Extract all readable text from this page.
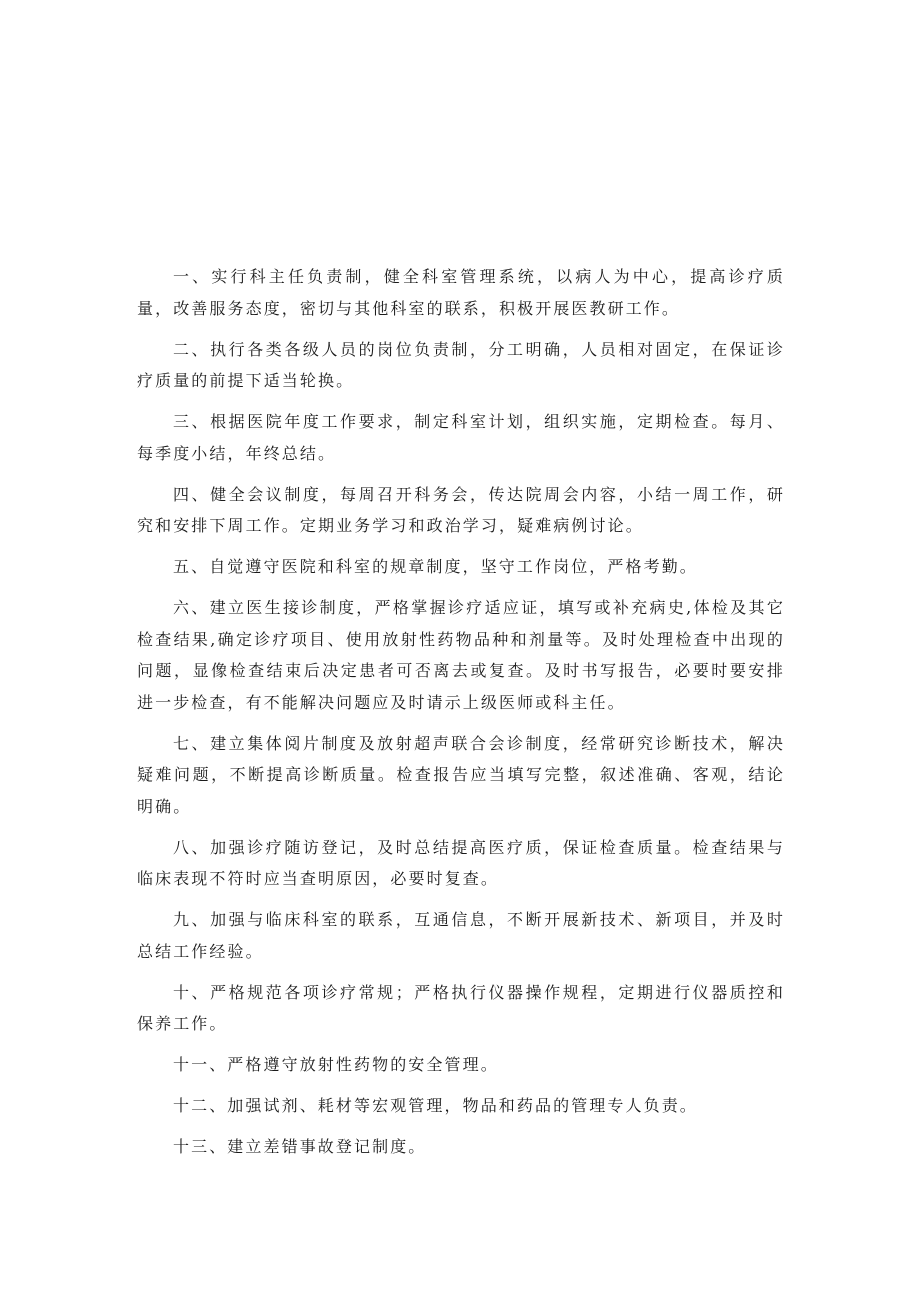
一、实行科主任负责制，健全科室管理系统，以病人为中心，提高诊疗质量，改善服务态度，密切与其他科室的联系，积极开展医教研工作。

二、执行各类各级人员的岗位负责制，分工明确，人员相对固定，在保证诊疗质量的前提下适当轮换。

三、根据医院年度工作要求，制定科室计划，组织实施，定期检查。每月、每季度小结，年终总结。

四、健全会议制度，每周召开科务会，传达院周会内容，小结一周工作，研究和安排下周工作。定期业务学习和政治学习，疑难病例讨论。

五、自觉遵守医院和科室的规章制度，坚守工作岗位，严格考勤。

六、建立医生接诊制度，严格掌握诊疗适应证，填写或补充病史,体检及其它检查结果,确定诊疗项目、使用放射性药物品种和剂量等。及时处理检查中出现的问题，显像检查结束后决定患者可否离去或复查。及时书写报告，必要时要安排进一步检查，有不能解决问题应及时请示上级医师或科主任。

七、建立集体阅片制度及放射超声联合会诊制度，经常研究诊断技术，解决疑难问题，不断提高诊断质量。检查报告应当填写完整，叙述准确、客观，结论明确。

八、加强诊疗随访登记，及时总结提高医疗质，保证检查质量。检查结果与临床表现不符时应当查明原因，必要时复查。

九、加强与临床科室的联系，互通信息，不断开展新技术、新项目，并及时总结工作经验。

十、严格规范各项诊疗常规；严格执行仪器操作规程，定期进行仪器质控和保养工作。

十一、严格遵守放射性药物的安全管理。

十二、加强试剂、耗材等宏观管理，物品和药品的管理专人负责。

十三、建立差错事故登记制度。
